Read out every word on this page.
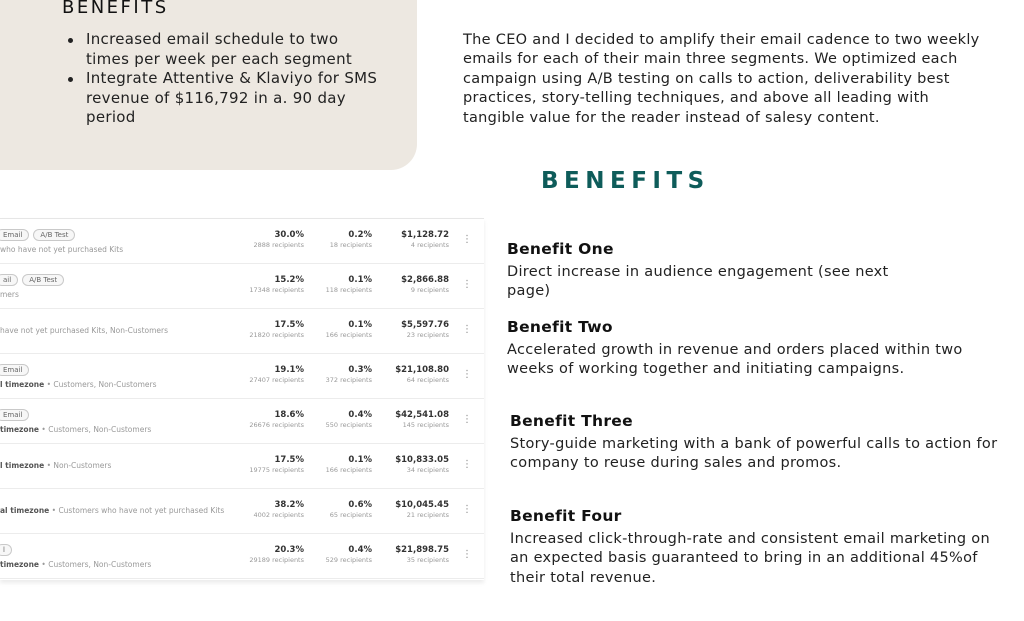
BENEFITS
Increased email schedule to two times per week per each segment
Integrate Attentive & Klaviyo for SMS revenue of $116,792 in a. 90 day period

The CEO and I decided to amplify their email cadence to two weekly emails for each of their main three segments. We optimized each campaign using A/B testing on calls to action, deliverability best practices, story-telling techniques, and above all leading with tangible value for the reader instead of salesy content.

BENEFITS
Email	A/B Test
who have not yet purchased Kits
30.0%
2888 recipients
0.2%
18 recipients
$1,128.72
4 recipients ⋮
ail	A/B Test
mers
15.2%
17348 recipients
0.1%
118 recipients
$2,866.88
9 recipients ⋮
have not yet purchased Kits, Non-Customers
17.5%
21820 recipients
0.1%
166 recipients
$5,597.76
23 recipients ⋮
Email
l timezone • Customers, Non-Customers
19.1%
27407 recipients
0.3%
372 recipients
$21,108.80
64 recipients ⋮
Email
timezone • Customers, Non-Customers
18.6%
26676 recipients
0.4%
550 recipients
$42,541.08
145 recipients ⋮
l timezone • Non-Customers
17.5%
19775 recipients
0.1%
166 recipients
$10,833.05
34 recipients ⋮
al timezone • Customers who have not yet purchased Kits
38.2%
4002 recipients
0.6%
65 recipients
$10,045.45
21 recipients ⋮
l
timezone • Customers, Non-Customers
20.3%
29189 recipients
0.4%
529 recipients
$21,898.75
35 recipients ⋮
Benefit One
Direct increase in audience engagement (see next page)
Benefit Two
Accelerated growth in revenue and orders placed within two weeks of working together and initiating campaigns.
Benefit Three
Story-guide marketing with a bank of powerful calls to action for company to reuse during sales and promos.
Benefit Four
Increased click-through-rate and consistent email marketing on an expected basis guaranteed to bring in an additional 45%of their total revenue.
